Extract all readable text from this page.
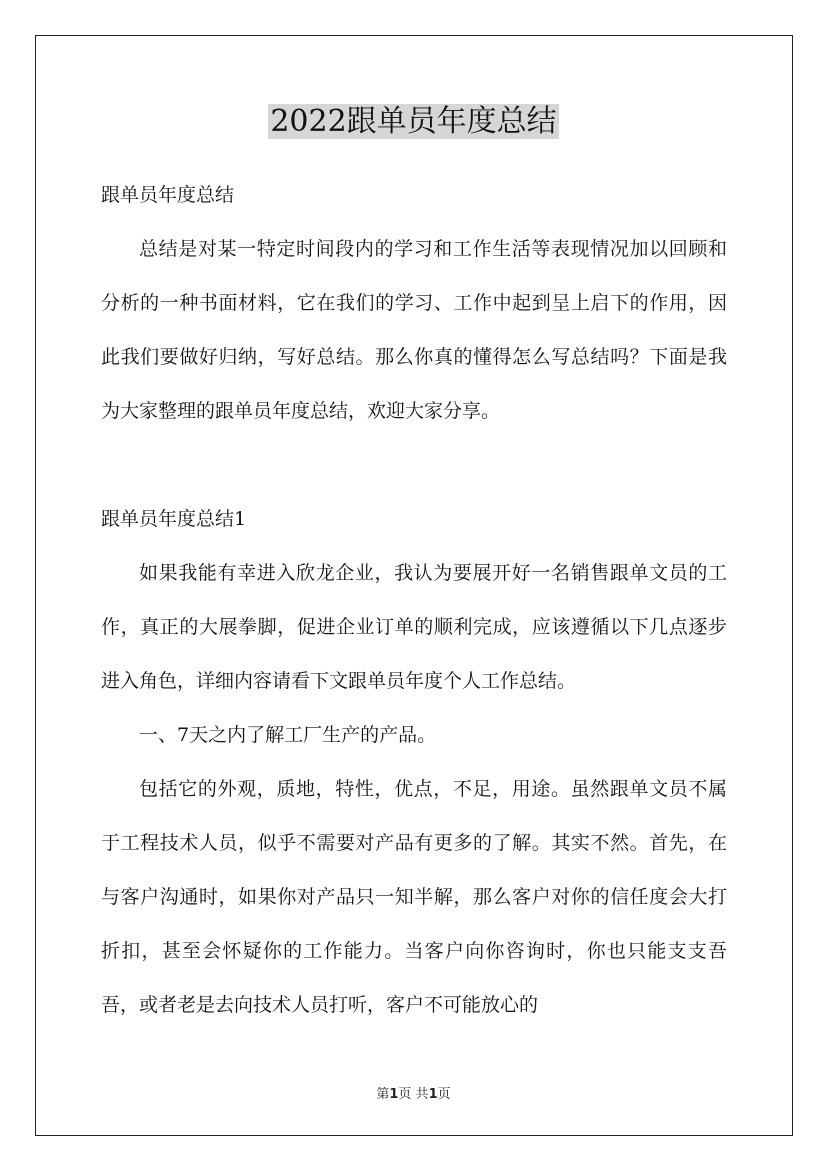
2022跟单员年度总结

跟单员年度总结

总结是对某一特定时间段内的学习和工作生活等表现情况加以回顾和分析的一种书面材料，它在我们的学习、工作中起到呈上启下的作用，因此我们要做好归纳，写好总结。那么你真的懂得怎么写总结吗？下面是我为大家整理的跟单员年度总结，欢迎大家分享。

跟单员年度总结1

如果我能有幸进入欣龙企业，我认为要展开好一名销售跟单文员的工作，真正的大展拳脚，促进企业订单的顺利完成，应该遵循以下几点逐步进入角色，详细内容请看下文跟单员年度个人工作总结。

一、7天之内了解工厂生产的产品。

包括它的外观，质地，特性，优点，不足，用途。虽然跟单文员不属于工程技术人员，似乎不需要对产品有更多的了解。其实不然。首先，在与客户沟通时，如果你对产品只一知半解，那么客户对你的信任度会大打折扣，甚至会怀疑你的工作能力。当客户向你咨询时，你也只能支支吾吾，或者老是去向技术人员打听，客户不可能放心的

第1页 共1页
